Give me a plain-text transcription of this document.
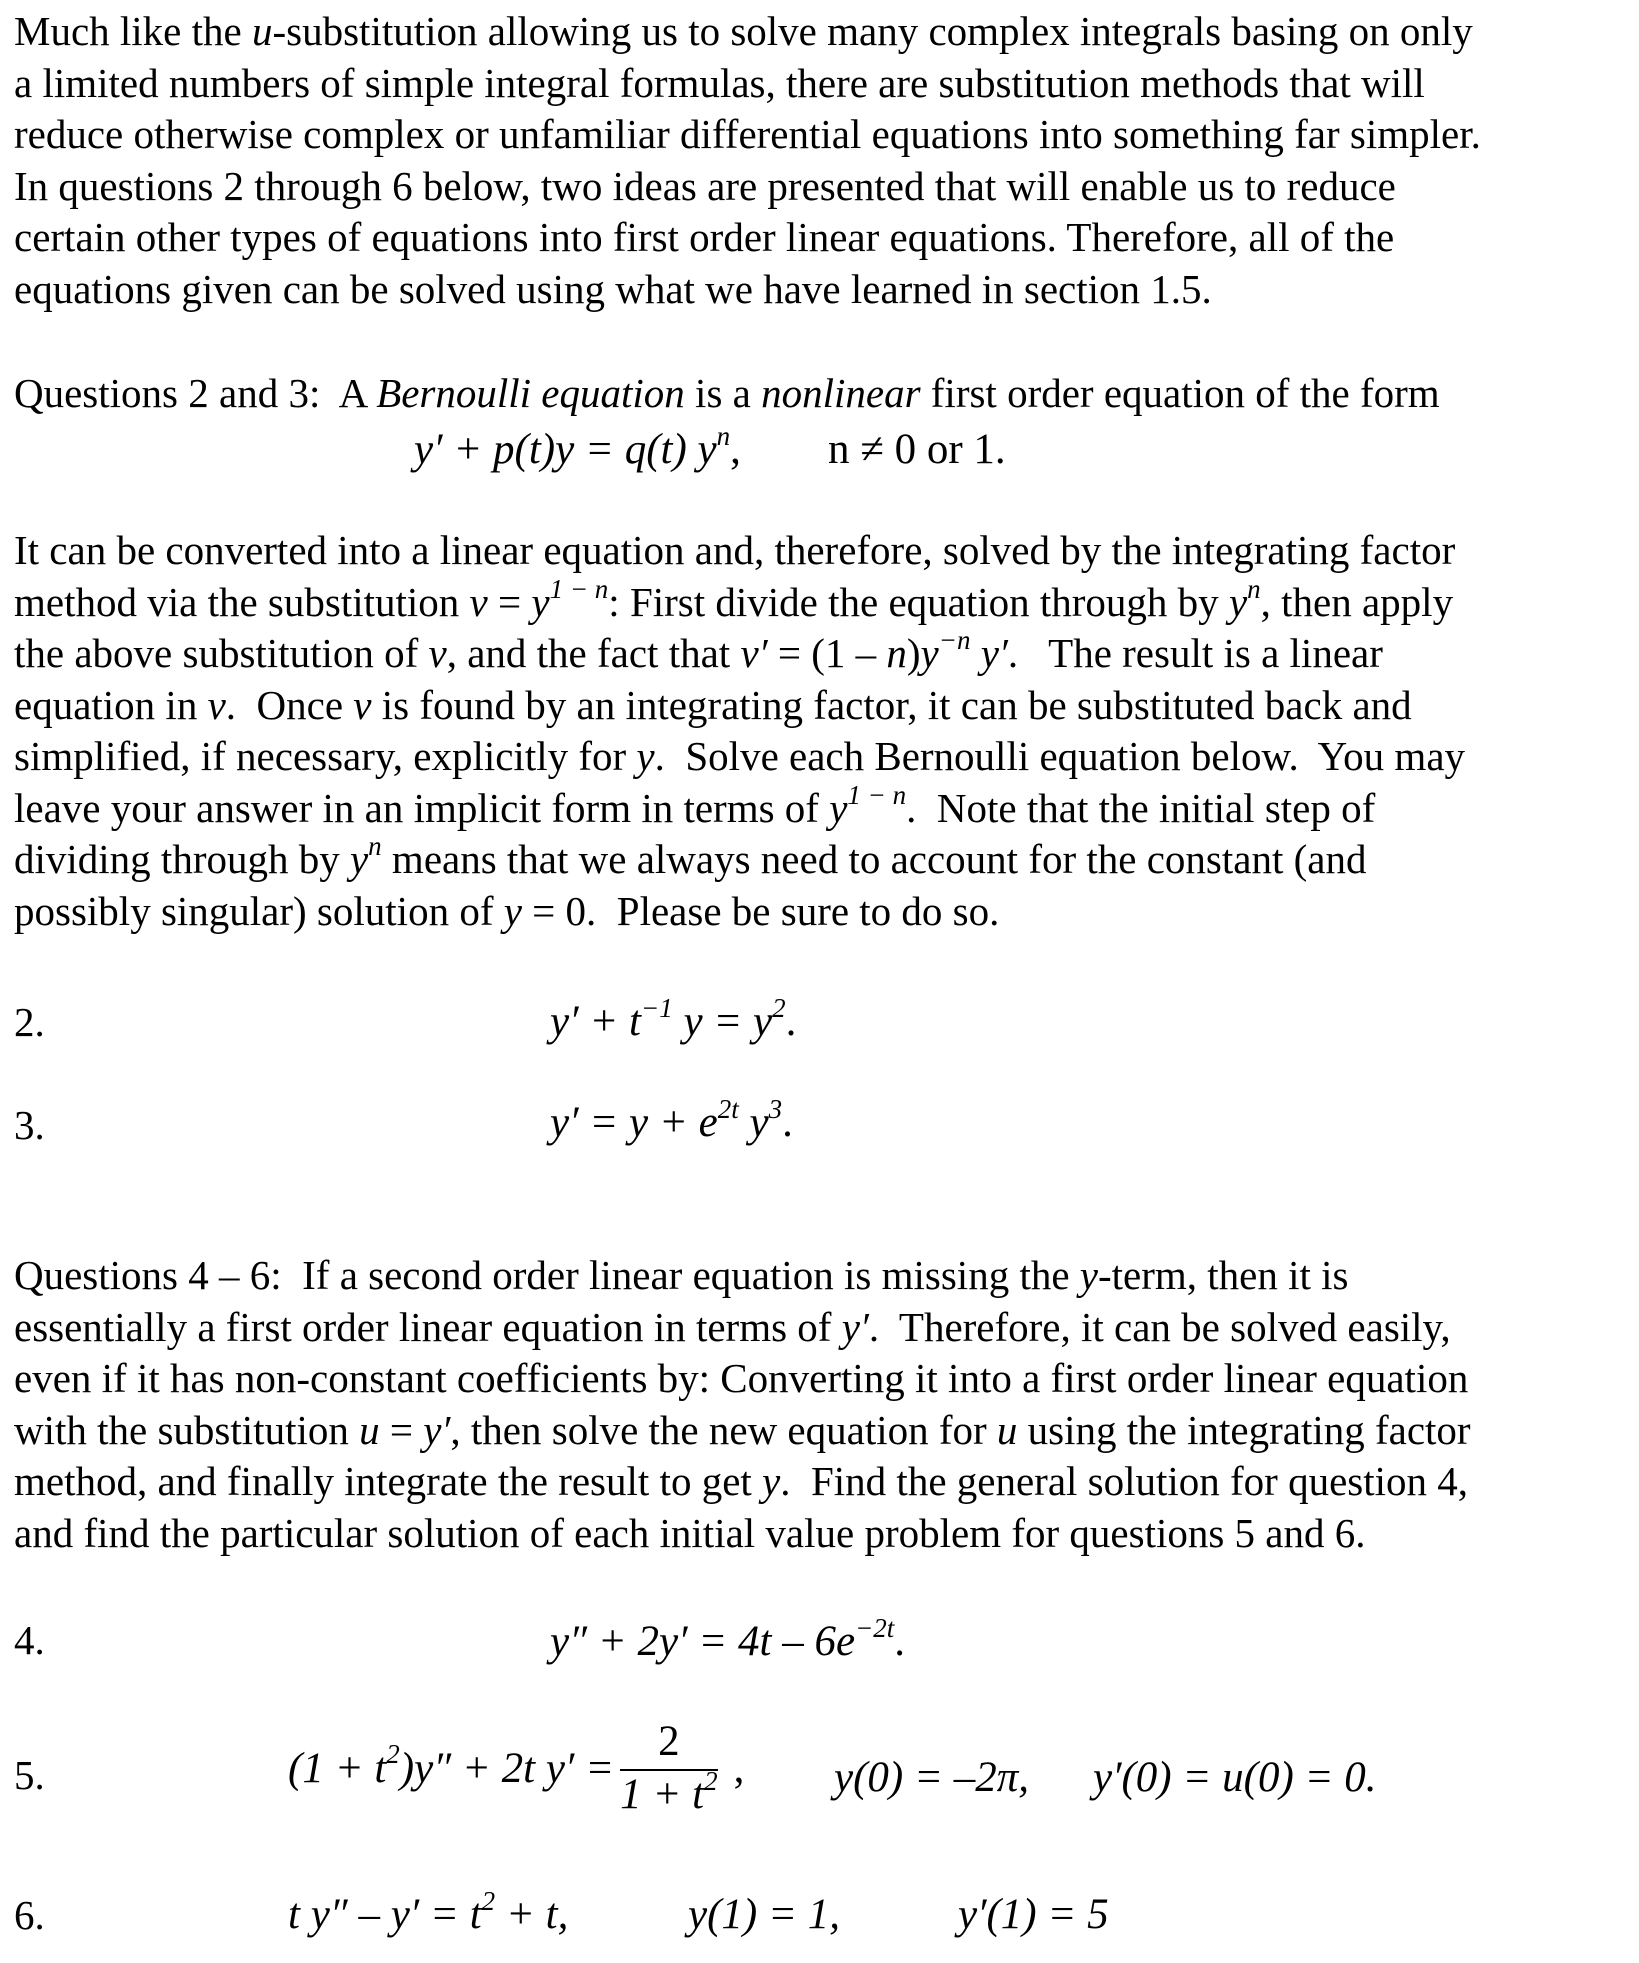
Much like the u-substitution allowing us to solve many complex integrals basing on only
a limited numbers of simple integral formulas, there are substitution methods that will
reduce otherwise complex or unfamiliar differential equations into something far simpler.
In questions 2 through 6 below, two ideas are presented that will enable us to reduce
certain other types of equations into first order linear equations. Therefore, all of the
equations given can be solved using what we have learned in section 1.5.
Questions 2 and 3:  A Bernoulli equation is a nonlinear first order equation of the form
y′ + p(t)y = q(t) $y^n$, n ≠ 0 or 1.
It can be converted into a linear equation and, therefore, solved by the integrating factor
method via the substitution $v = y^{1 - n}$: First divide the equation through by $y^n$, then apply
the above substitution of v, and the fact that $v' = (1 - n)y^{-n}$ y′.   The result is a linear
equation in v.  Once v is found by an integrating factor, it can be substituted back and
simplified, if necessary, explicitly for y.  Solve each Bernoulli equation below.  You may
leave your answer in an implicit form in terms of $y^{1 - n}$.  Note that the initial step of
dividing through by $y^n$ means that we always need to account for the constant (and
possibly singular) solution of y = 0.  Please be sure to do so.
2.	$y' + t^{-1}$ $y = y^2$.
3.	$y' = y + e^{2t}$ $y^3$.
Questions 4 – 6:  If a second order linear equation is missing the y-term, then it is
essentially a first order linear equation in terms of y′.  Therefore, it can be solved easily,
even if it has non-constant coefficients by: Converting it into a first order linear equation
with the substitution u = y′, then solve the new equation for u using the integrating factor
method, and finally integrate the result to get y.  Find the general solution for question 4,
and find the particular solution of each initial value problem for questions 5 and 6.
4.	$y'' + 2y' = 4t - 6e^{-2t}$.
5.	$(1 + t^2)y'' + 2t$ $y' = \frac{2}{1 + t^2}$ , y(0) = –2π, y′(0) = u(0) = 0.
6.	t $y'' - y' = t^2 + t$,	y(1) = 1,	y′(1) = 5
